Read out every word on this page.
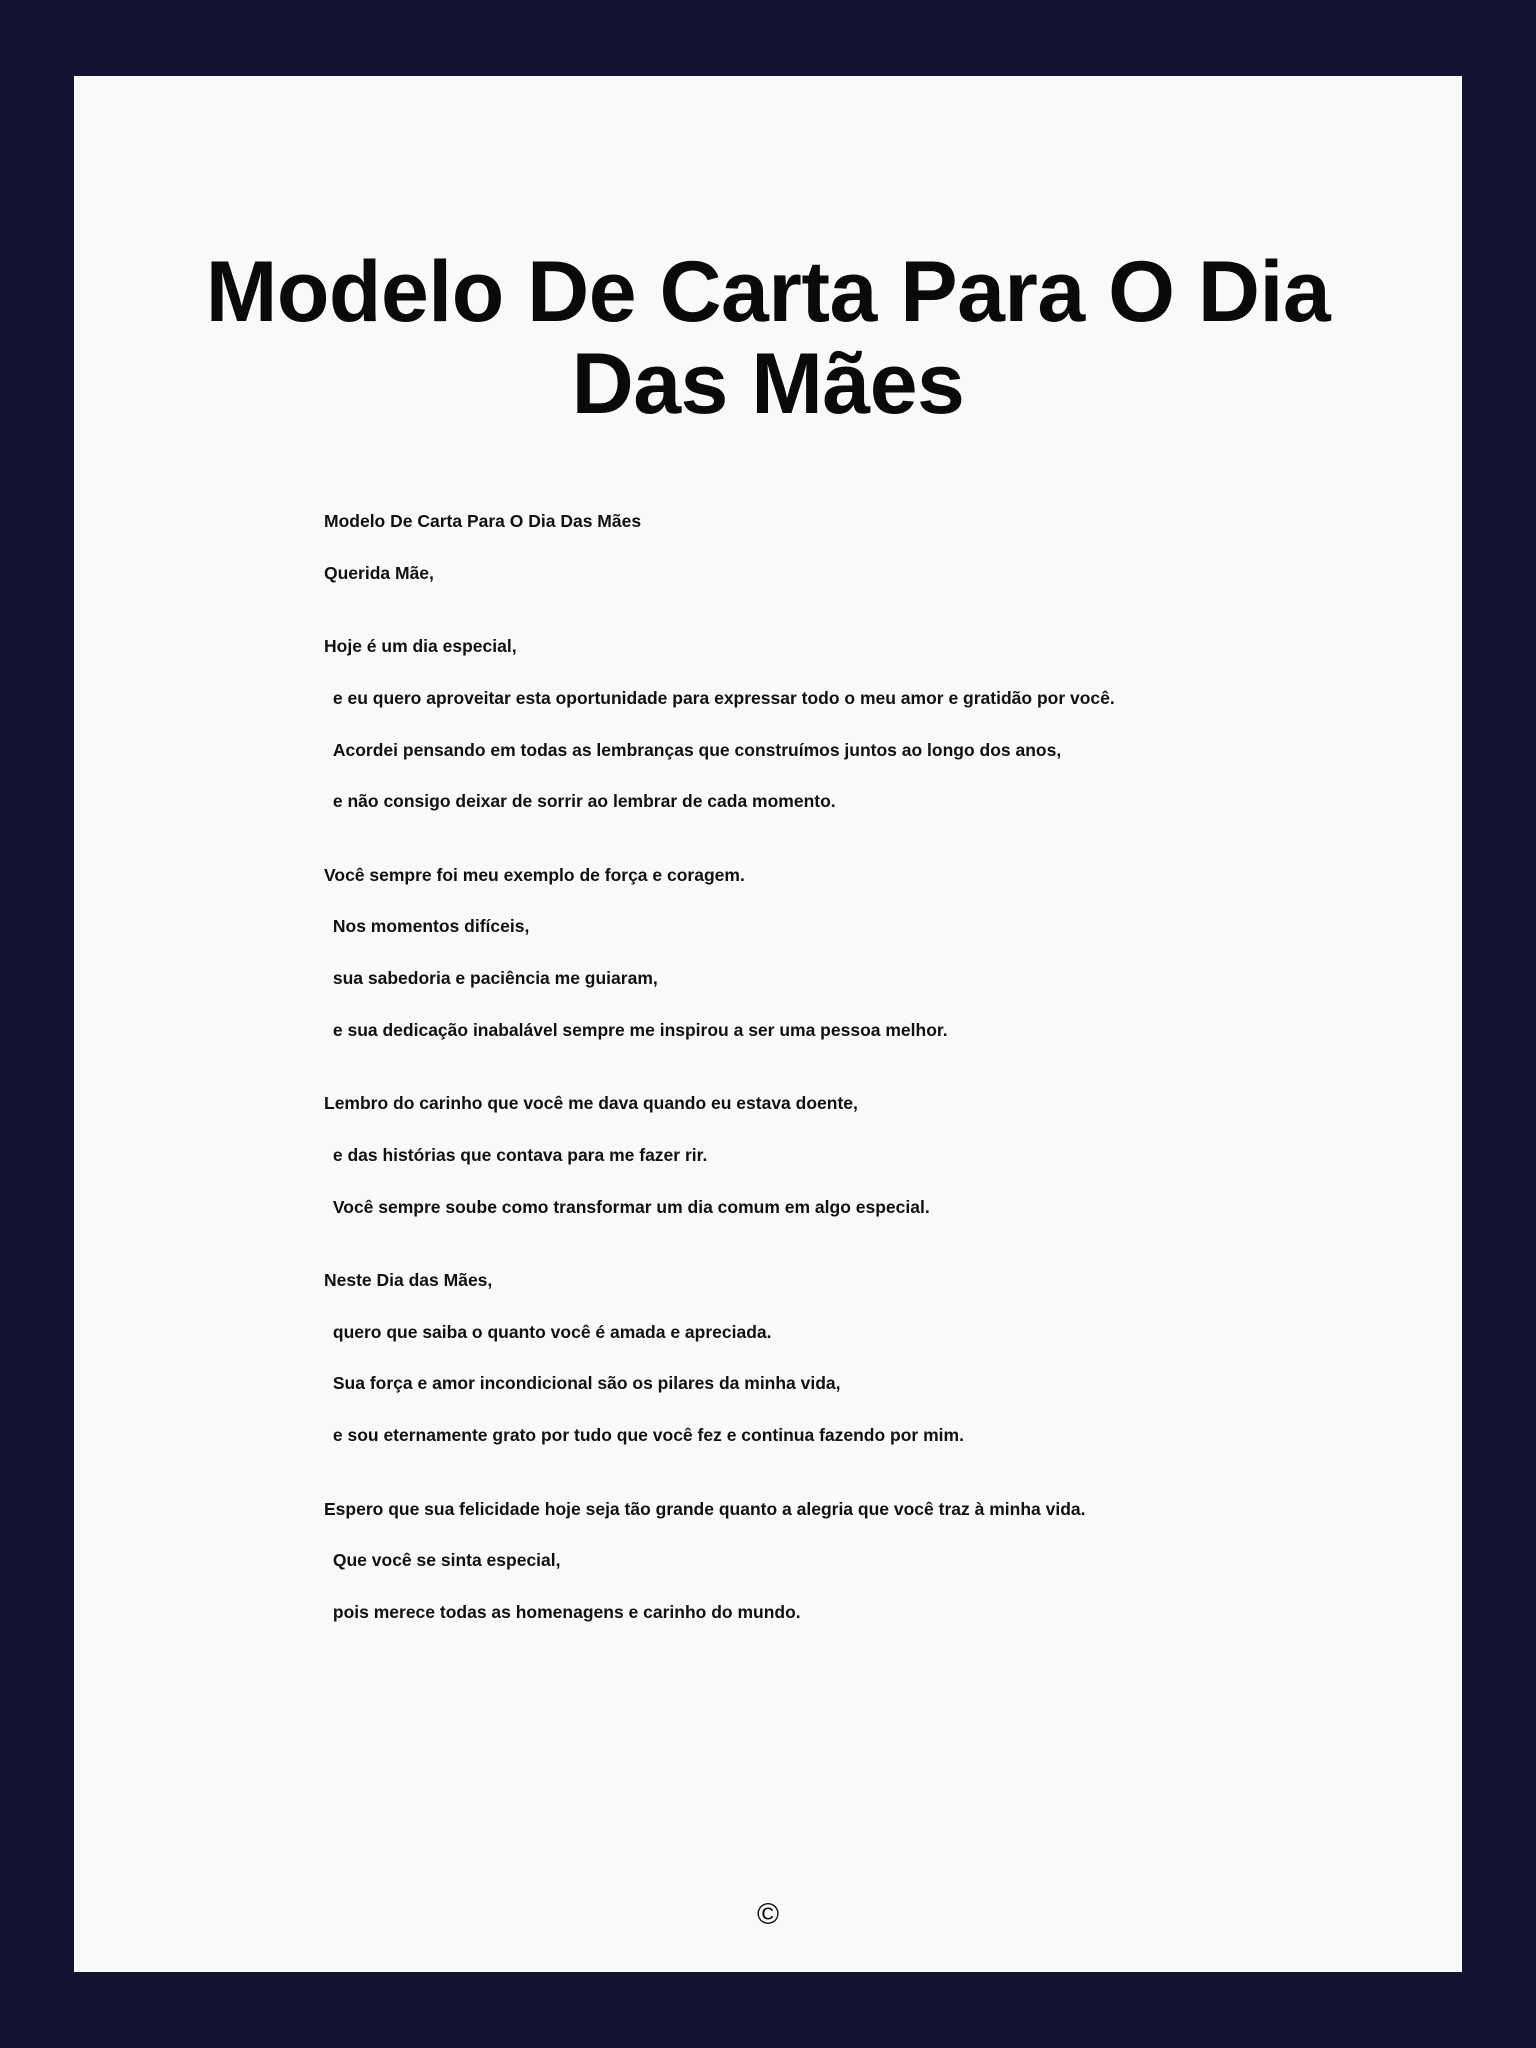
Modelo De Carta Para O Dia Das Mães

Modelo De Carta Para O Dia Das Mães

Querida Mãe,

Hoje é um dia especial,

e eu quero aproveitar esta oportunidade para expressar todo o meu amor e gratidão por você.

Acordei pensando em todas as lembranças que construímos juntos ao longo dos anos,

e não consigo deixar de sorrir ao lembrar de cada momento.

Você sempre foi meu exemplo de força e coragem.

Nos momentos difíceis,

sua sabedoria e paciência me guiaram,

e sua dedicação inabalável sempre me inspirou a ser uma pessoa melhor.

Lembro do carinho que você me dava quando eu estava doente,

e das histórias que contava para me fazer rir.

Você sempre soube como transformar um dia comum em algo especial.

Neste Dia das Mães,

quero que saiba o quanto você é amada e apreciada.

Sua força e amor incondicional são os pilares da minha vida,

e sou eternamente grato por tudo que você fez e continua fazendo por mim.

Espero que sua felicidade hoje seja tão grande quanto a alegria que você traz à minha vida.

Que você se sinta especial,

pois merece todas as homenagens e carinho do mundo.

©
